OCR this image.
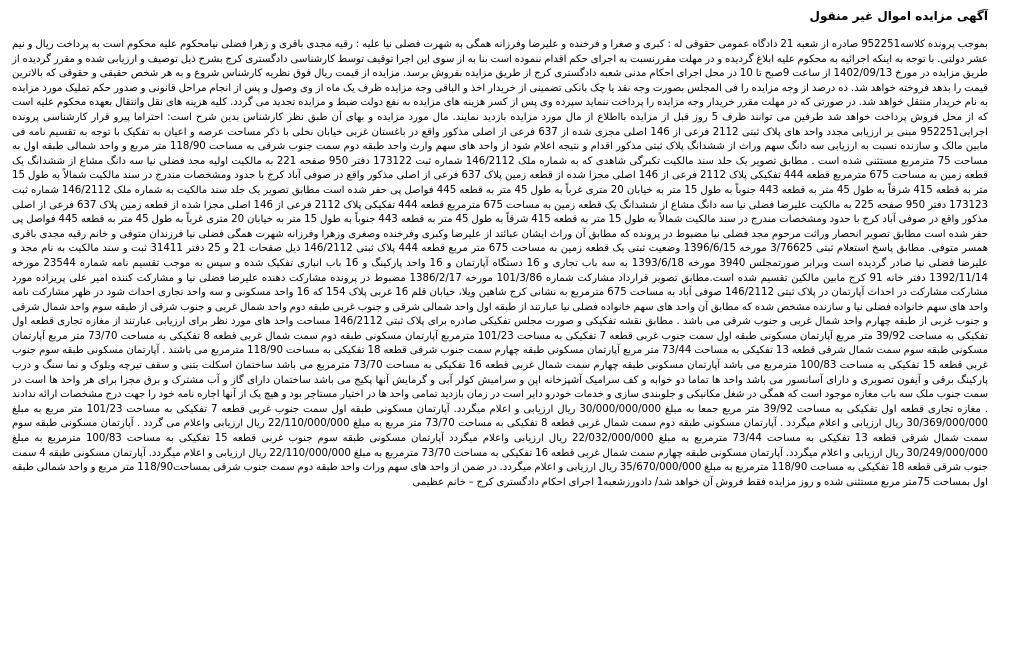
آگهی مزایده اموال غیر منقول

بموجب پرونده کلاسه952251 صادره از شعبه 21 دادگاه عمومی حقوقی له : کبری و صغرا و فرخنده و علیرضا وفرزانه همگی به شهرت فضلی نیا علیه : رقیه مجدی باقری و زهرا فضلی نیامحکوم علیه محکوم است به پرداخت ریال و نیم عشر دولتی. با توجه به اینکه اجرائیه به محکوم علیه ابلاغ گردیده و در مهلت مقررنسبت به اجرای حکم اقدام ننموده است بنا به از سوی این اجرا توقیف توسط کارشناسی دادگستری کرج بشرح ذیل توصیف و ارزیابی شده و مقرر گردیده از طریق مزایده در مورخ 1402/09/13 از ساعت 9صبح تا 10 در محل اجرای احکام مدنی شعبه دادگستری کرج از طریق مزایده بفروش برسد. مزایده از قیمت ریال فوق نظریه کارشناس شروع و به هر شخص حقیقی و حقوقی که بالاترین قیمت را بدهد فروخته خواهد شد. ده درصد از وجه مزایده را فی المجلس بصورت وجه نقد یا چک بانکی تضمینی از خریدار اخذ و الباقی وجه مزایده ظرف یک ماه از وی وصول و پس از انجام مراحل قانونی و صدور حکم تملیک مورد مزایده به نام خریدار منتقل خواهد شد. در صورتی که در مهلت مقرر خریدار وجه مزایده را پرداخت ننماید سپرده وی پس از کسر هزینه های مزایده به نفع دولت ضبط و مزایده تجدید می گردد. کلیه هزینه های نقل وانتقال بعهده محکوم علیه است که از محل فروش پرداخت خواهد شد طرفین می توانند ظرف 5 روز قبل از مزایده بااطلاع از مال مورد مزایده بازدید نمایند. مال مورد مزایده و بهای آن طبق نظر کارشناس بدین شرح است: احتراما پیرو قرار کارشناسی پرونده اجرایی952251 مبنی بر ارزیابی مجدد واحد های پلاک ثبتی 2112 فرعی از 146 اصلی مجزی شده از 637 فرعی از اصلی مذکور واقع در باغستان غربی خیابان نخلی با ذکر مساحت عرصه و اعیان به تفکیک با توجه به تقسیم نامه فی مابین مالک و سازنده نسبت به ارزیابی سه دانگ سهم وراث از ششدانگ پلاک ثبتی مذکور اقدام و نتیجه اعلام شود از واحد های سهم وارث واحد طبقه دوم سمت جنوب شرقی به مساحت 118/90 متر مربع و واحد شمالی طبقه اول به مساحت 75 مترمربع مستثنی شده است . مطابق تصویر یک جلد سند مالکیت تکبرگی شاهدی که به شماره ملک 146/2112 شماره ثبت 173122 دفتر 950 صفحه 221 به مالکیت اولیه مجد فضلی نیا سه دانگ مشاع از ششدانگ یک قطعه زمین به مساحت 675 مترمربع قطعه 444 تفکیکی پلاک 2112 فرعی از 146 اصلی مجزا شده از قطعه زمین پلاک 637 فرعی از اصلی مذکور واقع در صوفی آباد کرج با حدود ومشخصات مندرج در سند مالکیت شمالاً به طول 15 متر به قطعه 415 شرقاً به طول 45 متر به قطعه 443 جنوباً به طول 15 متر به خیابان 20 متری غرباً به طول 45 متر به قطعه 445 فواصل پی حفر شده است مطابق تصویر یک جلد سند مالکیت به شماره ملک 146/2112 شماره ثبت 173123 دفتر 950 صفحه 225 به مالکیت علیرضا فضلی نیا سه دانگ مشاع از ششدانگ یک قطعه زمین به مساحت 675 مترمربع قطعه 444 تفکیکی پلاک 2112 فرعی از 146 اصلی مجزا شده از قطعه زمین پلاک 637 فرعی از اصلی مذکور واقع در صوفی آباد کرج با حدود ومشخصات مندرج در سند مالکیت شمالاً به طول 15 متر به قطعه 415 شرقاً به طول 45 متر به قطعه 443 جنوباً به طول 15 متر به خیابان 20 متری غرباً به طول 45 متر به قطعه 445 فواصل پی حفر شده است مطابق تصویر انحصار وراثت مرحوم مجد فضلی نیا مضبوط در پرونده که مطابق آن وراث ایشان عبائتد از علیرضا وکبری وفرخنده وصغری وزهرا وفرزانه شهرت همگی فضلی نیا فرزندان متوفی و خانم رقیه مجدی باقری همسر متوفی. مطابق پاسخ استعلام ثبتی 3/76625 مورخه 1396/6/15 وضعیت ثبتی یک قطعه زمین به مساحت 675 متر مربع قطعه 444 پلاک ثبتی 146/2112 ذیل صفحات 21 و 25 دفتر 31411 ثبت و سند مالکیت به نام مجد و علیرضا فضلی نیا صادر گردیده است وبرابر صورتمجلس 3940 مورخه 1393/6/18 به سه باب تجاری و 16 دستگاه آپارتمان و 16 واحد پارکینگ و 16 باب انباری تفکیک شده و سپس به موجب تقسیم نامه شماره 23544 مورخه 1392/11/14 دفتر خانه 91 کرج مابین مالکین تقسیم شده است.مطابق تصویر قرارداد مشارکت شماره 101/3/86 مورخه 1386/2/17 مضبوط در پرونده مشارکت دهنده علیرضا فضلی نیا و مشارکت کننده امیر علی پریزاده مورد مشارکت مشارکت در احداث آپارتمان در پلاک ثبتی 146/2112 صوفی آباد به مساحت 675 مترمربع به نشانی کرج شاهین ویلا، خیابان قلم 16 غربی پلاک 154 که 16 واحد مسکونی و سه واحد تجاری احداث شود در ظهر مشارکت نامه واحد های سهم خانواده فضلی نیا و سازنده مشخص شده که مطابق آن واحد های سهم خانواده فضلی نیا عبارتند از طبقه اول واحد شمالی شرقی و جنوب غربی طبقه دوم واحد شمال غربی و جنوب شرقی از طبقه سوم واحد شمال شرقی و جنوب غربی از طبقه چهارم واحد شمال غربی و جنوب شرقی می باشد . مطابق نقشه تفکیکی و صورت مجلس تفکیکی صادره برای پلاک ثبتی 146/2112 مساحت واحد های مورد نظر برای ارزیابی عبارتند از مغازه تجاری قطعه اول تفکیکی به مساحت 39/92 متر مربع آپارتمان مسکونی طبقه اول سمت جنوب غربی قطعه 7 تفکیکی به مساحت 101/23 مترمربع آپارتمان مسکونی طبقه دوم سمت شمال غربی قطعه 8 تفکیکی به مساحت 73/70 متر مربع آپارتمان مسکونی طبقه سوم سمت شمال شرقی قطعه 13 تفکیکی به مساحت 73/44 متر مربع آپارتمان مسکونی طبقه چهارم سمت جنوب شرقی قطعه 18 تفکیکی به مساحت 118/90 مترمربع می باشند . آپارتمان مسکونی طبقه سوم جنوب غربی قطعه 15 تفکیکی به مساحت 100/83 مترمربع می باشد آپارتمان مسکونی طبقه چهارم سمت شمال غربی قطعه 16 تفکیکی به مساحت 73/70 مترمربع می باشد ساختمان اسکلت بتنی و سقف تیرچه وبلوک و نما سنگ و درب پارکینگ برقی و آیفون تصویری و دارای آسانسور می باشد واحد ها تماما دو خوابه و کف سرامیک آشپزخانه اپن و سرامیش کولر آبی و گرمایش آنها پکیج می باشد ساختمان دارای گاز و آب مشترک و برق مجزا برای هر واحد ها است در سمت جنوب ملک سه باب مغازه موجود است که همگی در شغل مکانیکی و جلوبندی سازی و خدمات خودرو دایر است در زمان بازدید تمامی واحد ها در اختیار مستاجر بود و هیچ یک از آنها اجاره نامه خود را جهت درج مشخصات ارائه ندادند . مغازه تجاری قطعه اول تفکیکی به مساحت 39/92 متر مربع جمعا به مبلغ 30/000/000/000 ریال ارزیابی و اعلام میگردد. آپارتمان مسکونی طبقه اول سمت جنوب غربی قطعه 7 تفکیکی به مساحت 101/23 متر مربع به مبلغ 30/369/000/000 ریال ارزیابی و اعلام میگردد . آپارتمان مسکونی طبقه دوم سمت شمال غربی قطعه 8 تفکیکی به مساحت 73/70 متر مربع به مبلغ 22/110/000/000 ریال ارزیابی واعلام می گردد . آپارتمان مسکونی طبقه سوم سمت شمال شرقی قطعه 13 تفکیکی به مساحت 73/44 مترمربع به مبلغ 22/032/000/000 ریال ارزیابی واعلام میگردد آپارتمان مسکونی طبقه سوم جنوب غربی قطعه 15 تفکیکی به مساحت 100/83 مترمربع به مبلغ 30/249/000/000 ریال ارزیابی و اعلام میگردد. آپارتمان مسکونی طبقه چهارم سمت شمال غربی قطعه 16 تفکیکی به مساحت 73/70 مترمربع به مبلغ 22/110/000/000 ریال ارزیابی و اعلام میگردد. آپارتمان مسکونی طبقه 4 سمت جنوب شرقی قطعه 18 تفکیکی به مساحت 118/90 مترمربع به مبلغ 35/670/000/000 ریال ارزیابی و اعلام میگردد. در ضمن از واحد های سهم وراث واحد طبقه دوم سمت جنوب شرقی بمساحت118/90 متر مربع و واحد شمالی طبقه اول بمساحت 75متر مربع مستثنی شده و روز مزایده فقط فروش آن خواهد شد/ دادورزشعبه1 اجرای احکام دادگستری کرج – خانم عظیمی
